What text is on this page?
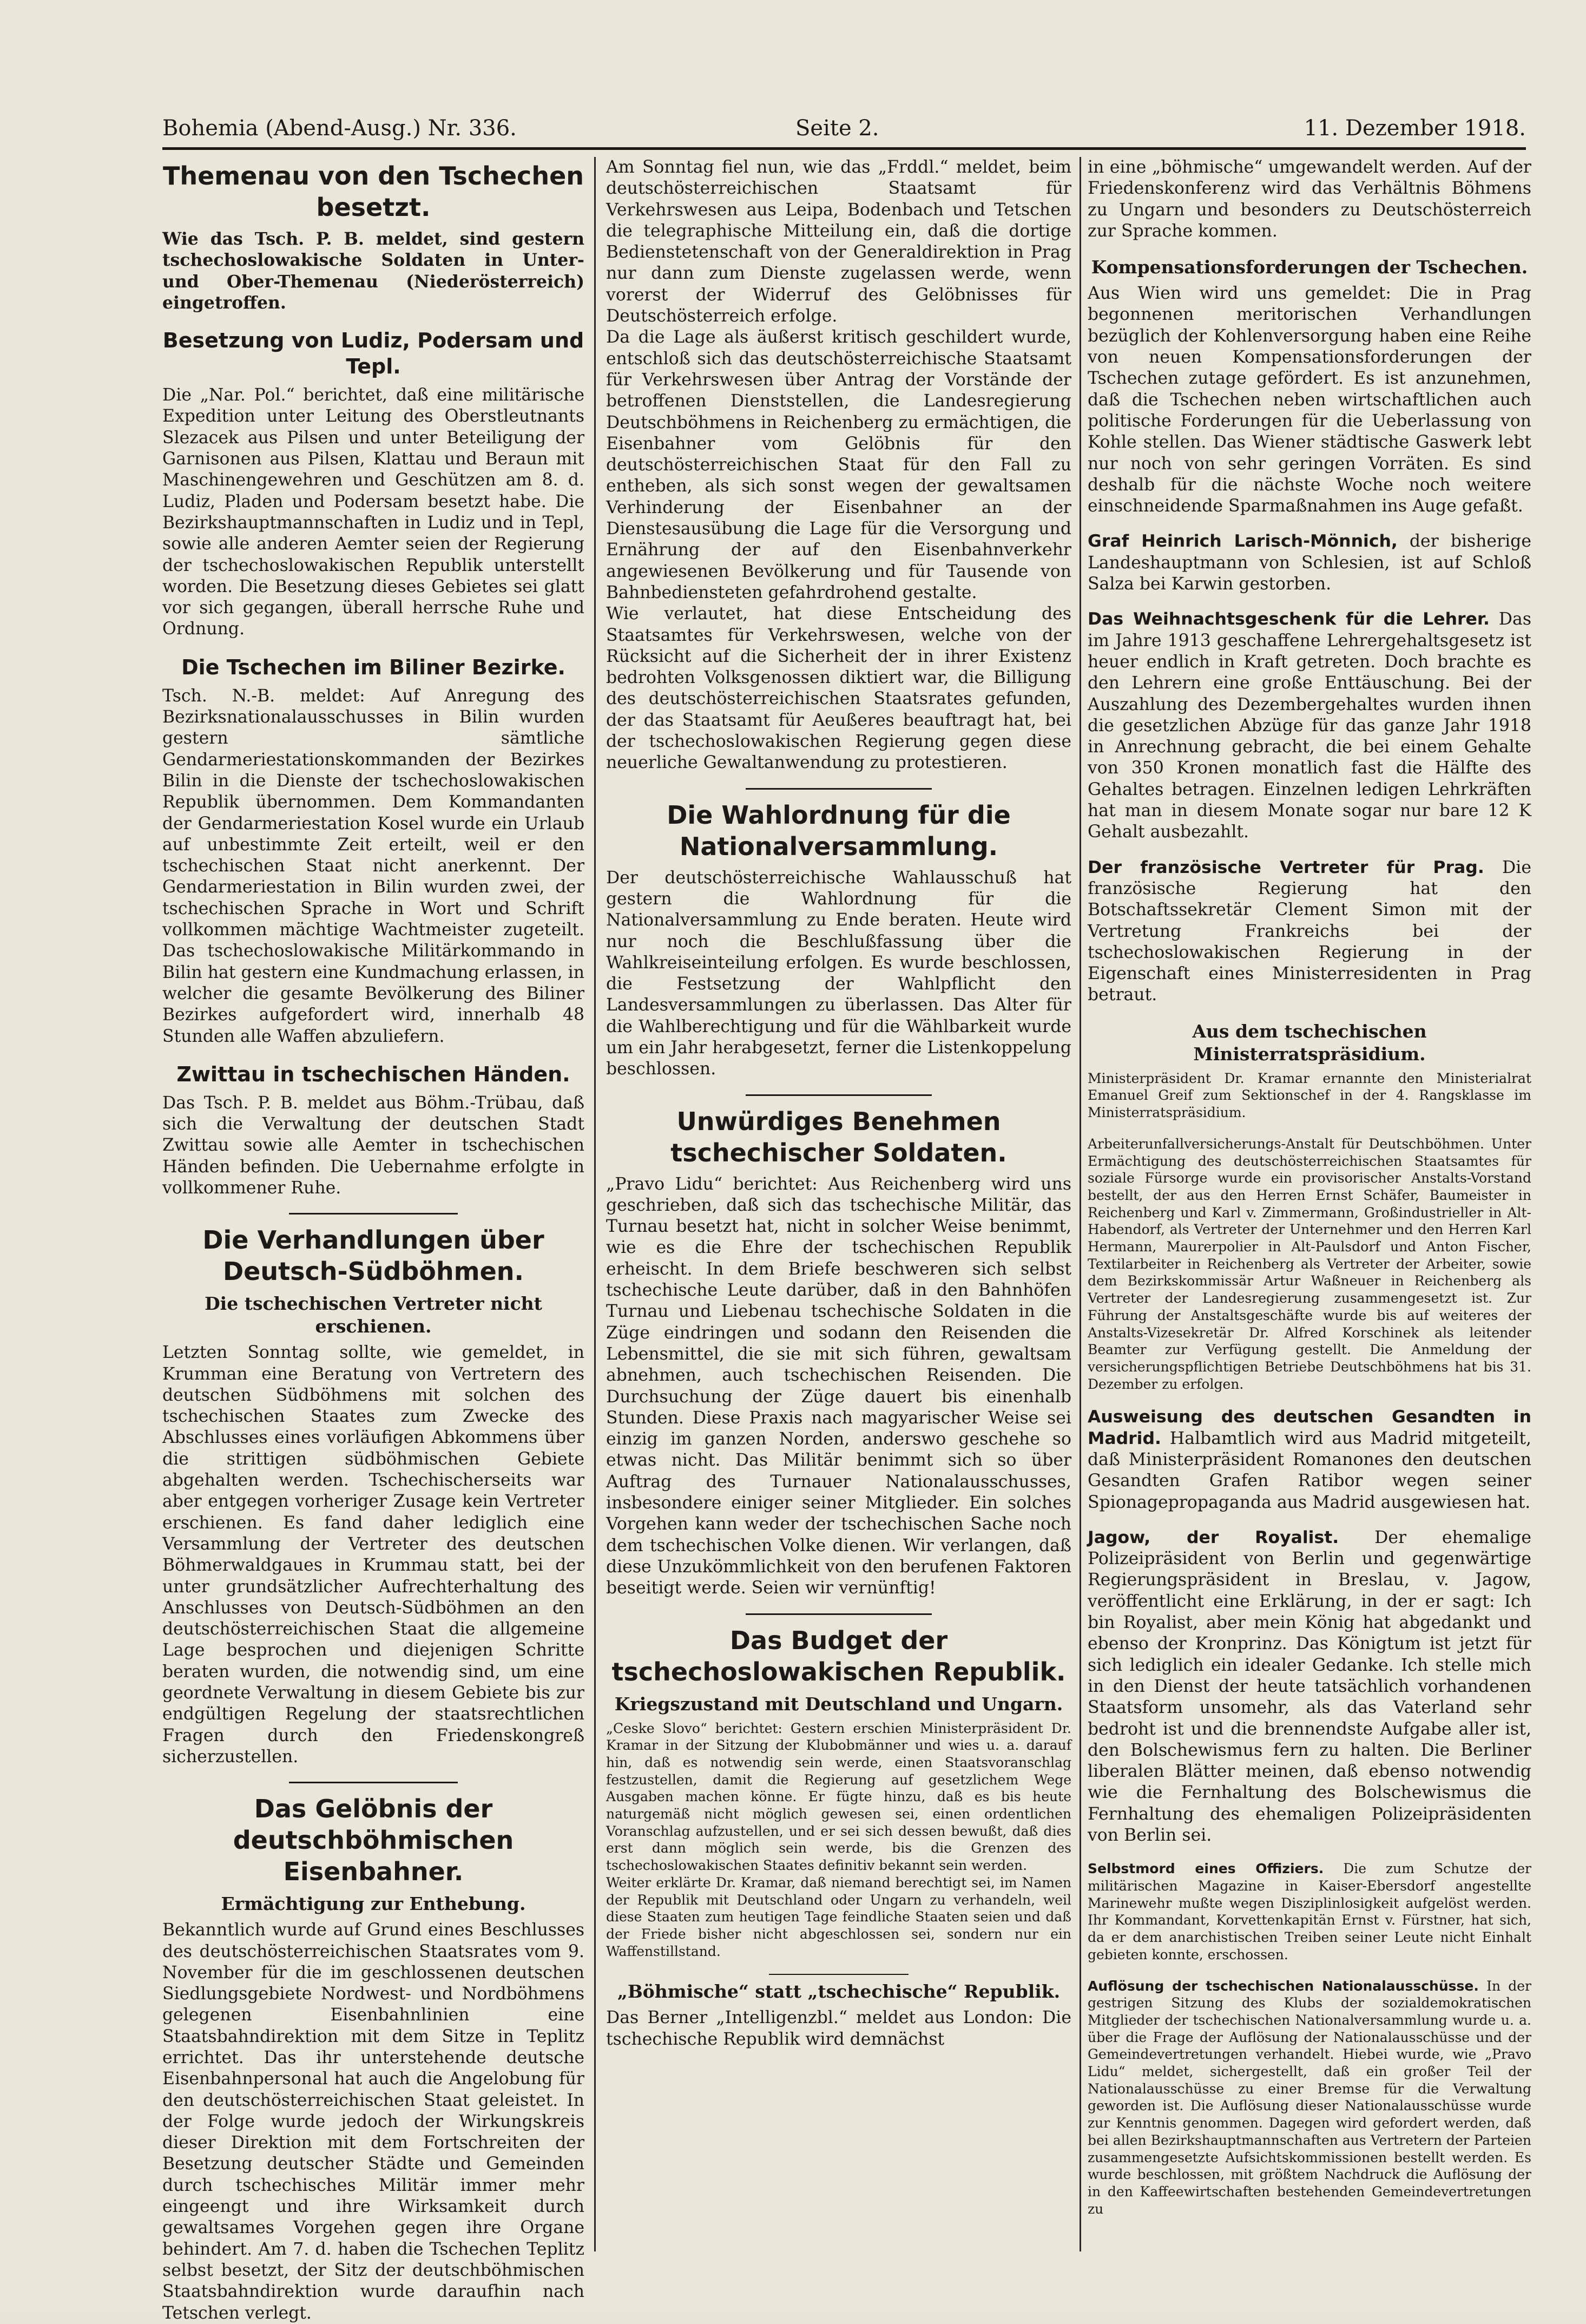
Bohemia (Abend-Ausg.) Nr. 336.	Seite 2.	11. Dezember 1918.
Themenau von den Tschechen besetzt.

Wie das Tsch. P. B. meldet, sind gestern tschechoslowakische Soldaten in Unter- und Ober-Themenau (Niederösterreich) eingetroffen.

Besetzung von Ludiz, Podersam und Tepl.

Die „Nar. Pol.“ berichtet, daß eine militärische Expedition unter Leitung des Oberstleutnants Slezacek aus Pilsen und unter Beteiligung der Garnisonen aus Pilsen, Klattau und Beraun mit Maschinengewehren und Geschützen am 8. d. Ludiz, Pladen und Podersam besetzt habe. Die Bezirkshauptmannschaften in Ludiz und in Tepl, sowie alle anderen Aemter seien der Regierung der tschechoslowakischen Republik unterstellt worden. Die Besetzung dieses Gebietes sei glatt vor sich gegangen, überall herrsche Ruhe und Ordnung.

Die Tschechen im Biliner Bezirke.

Tsch. N.-B. meldet: Auf Anregung des Bezirksnationalausschusses in Bilin wurden gestern sämtliche Gendarmeriestationskommanden der Bezirkes Bilin in die Dienste der tschechoslowakischen Republik übernommen. Dem Kommandanten der Gendarmeriestation Kosel wurde ein Urlaub auf unbestimmte Zeit erteilt, weil er den tschechischen Staat nicht anerkennt. Der Gendarmeriestation in Bilin wurden zwei, der tschechischen Sprache in Wort und Schrift vollkommen mächtige Wachtmeister zugeteilt. Das tschechoslowakische Militärkommando in Bilin hat gestern eine Kundmachung erlassen, in welcher die gesamte Bevölkerung des Biliner Bezirkes aufgefordert wird, innerhalb 48 Stunden alle Waffen abzuliefern.

Zwittau in tschechischen Händen.

Das Tsch. P. B. meldet aus Böhm.-Trübau, daß sich die Verwaltung der deutschen Stadt Zwittau sowie alle Aemter in tschechischen Händen befinden. Die Uebernahme erfolgte in vollkommener Ruhe.

Die Verhandlungen über Deutsch-Südböhmen.
Die tschechischen Vertreter nicht erschienen.

Letzten Sonntag sollte, wie gemeldet, in Krumman eine Beratung von Vertretern des deutschen Südböhmens mit solchen des tschechischen Staates zum Zwecke des Abschlusses eines vorläufigen Abkommens über die strittigen südböhmischen Gebiete abgehalten werden. Tschechischerseits war aber entgegen vorheriger Zusage kein Vertreter erschienen. Es fand daher lediglich eine Versammlung der Vertreter des deutschen Böhmerwaldgaues in Krummau statt, bei der unter grundsätzlicher Aufrechterhaltung des Anschlusses von Deutsch-Südböhmen an den deutschösterreichischen Staat die allgemeine Lage besprochen und diejenigen Schritte beraten wurden, die notwendig sind, um eine geordnete Verwaltung in diesem Gebiete bis zur endgültigen Regelung der staatsrechtlichen Fragen durch den Friedenskongreß sicherzustellen.

Das Gelöbnis der deutschböhmischen Eisenbahner.
Ermächtigung zur Enthebung.

Bekanntlich wurde auf Grund eines Beschlusses des deutschösterreichischen Staatsrates vom 9. November für die im geschlossenen deutschen Siedlungsgebiete Nordwest- und Nordböhmens gelegenen Eisenbahnlinien eine Staatsbahndirektion mit dem Sitze in Teplitz errichtet. Das ihr unterstehende deutsche Eisenbahnpersonal hat auch die Angelobung für den deutschösterreichischen Staat geleistet. In der Folge wurde jedoch der Wirkungskreis dieser Direktion mit dem Fortschreiten der Besetzung deutscher Städte und Gemeinden durch tschechisches Militär immer mehr eingeengt und ihre Wirksamkeit durch gewaltsames Vorgehen gegen ihre Organe behindert. Am 7. d. haben die Tschechen Teplitz selbst besetzt, der Sitz der deutschböhmischen Staatsbahndirektion wurde daraufhin nach Tetschen verlegt.

Am Sonntag fiel nun, wie das „Frddl.“ meldet, beim deutschösterreichischen Staatsamt für Verkehrswesen aus Leipa, Bodenbach und Tetschen die telegraphische Mitteilung ein, daß die dortige Bedienstetenschaft von der Generaldirektion in Prag nur dann zum Dienste zugelassen werde, wenn vorerst der Widerruf des Gelöbnisses für Deutschösterreich erfolge.

Da die Lage als äußerst kritisch geschildert wurde, entschloß sich das deutschösterreichische Staatsamt für Verkehrswesen über Antrag der Vorstände der betroffenen Dienststellen, die Landesregierung Deutschböhmens in Reichenberg zu ermächtigen, die Eisenbahner vom Gelöbnis für den deutschösterreichischen Staat für den Fall zu entheben, als sich sonst wegen der gewaltsamen Verhinderung der Eisenbahner an der Dienstesausübung die Lage für die Versorgung und Ernährung der auf den Eisenbahnverkehr angewiesenen Bevölkerung und für Tausende von Bahnbediensteten gefahrdrohend gestalte.

Wie verlautet, hat diese Entscheidung des Staatsamtes für Verkehrswesen, welche von der Rücksicht auf die Sicherheit der in ihrer Existenz bedrohten Volksgenossen diktiert war, die Billigung des deutschösterreichischen Staatsrates gefunden, der das Staatsamt für Aeußeres beauftragt hat, bei der tschechoslowakischen Regierung gegen diese neuerliche Gewaltanwendung zu protestieren.

Die Wahlordnung für die Nationalversammlung.

Der deutschösterreichische Wahlausschuß hat gestern die Wahlordnung für die Nationalversammlung zu Ende beraten. Heute wird nur noch die Beschlußfassung über die Wahlkreiseinteilung erfolgen. Es wurde beschlossen, die Festsetzung der Wahlpflicht den Landesversammlungen zu überlassen. Das Alter für die Wahlberechtigung und für die Wählbarkeit wurde um ein Jahr herabgesetzt, ferner die Listenkoppelung beschlossen.

Unwürdiges Benehmen tschechischer Soldaten.

„Pravo Lidu“ berichtet: Aus Reichenberg wird uns geschrieben, daß sich das tschechische Militär, das Turnau besetzt hat, nicht in solcher Weise benimmt, wie es die Ehre der tschechischen Republik erheischt. In dem Briefe beschweren sich selbst tschechische Leute darüber, daß in den Bahnhöfen Turnau und Liebenau tschechische Soldaten in die Züge eindringen und sodann den Reisenden die Lebensmittel, die sie mit sich führen, gewaltsam abnehmen, auch tschechischen Reisenden. Die Durchsuchung der Züge dauert bis einenhalb Stunden. Diese Praxis nach magyarischer Weise sei einzig im ganzen Norden, anderswo geschehe so etwas nicht. Das Militär benimmt sich so über Auftrag des Turnauer Nationalausschusses, insbesondere einiger seiner Mitglieder. Ein solches Vorgehen kann weder der tschechischen Sache noch dem tschechischen Volke dienen. Wir verlangen, daß diese Unzukömmlichkeit von den berufenen Faktoren beseitigt werde. Seien wir vernünftig!

Das Budget der tschechoslowakischen Republik.
Kriegszustand mit Deutschland und Ungarn.

„Ceske Slovo“ berichtet: Gestern erschien Ministerpräsident Dr. Kramar in der Sitzung der Klubobmänner und wies u. a. darauf hin, daß es notwendig sein werde, einen Staatsvoranschlag festzustellen, damit die Regierung auf gesetzlichem Wege Ausgaben machen könne. Er fügte hinzu, daß es bis heute naturgemäß nicht möglich gewesen sei, einen ordentlichen Voranschlag aufzustellen, und er sei sich dessen bewußt, daß dies erst dann möglich sein werde, bis die Grenzen des tschechoslowakischen Staates definitiv bekannt sein werden.

Weiter erklärte Dr. Kramar, daß niemand berechtigt sei, im Namen der Republik mit Deutschland oder Ungarn zu verhandeln, weil diese Staaten zum heutigen Tage feindliche Staaten seien und daß der Friede bisher nicht abgeschlossen sei, sondern nur ein Waffenstillstand.

„Böhmische“ statt „tschechische“ Republik.

Das Berner „Intelligenzbl.“ meldet aus London: Die tschechische Republik wird demnächst

in eine „böhmische“ umgewandelt werden. Auf der Friedenskonferenz wird das Verhältnis Böhmens zu Ungarn und besonders zu Deutschösterreich zur Sprache kommen.

Kompensationsforderungen der Tschechen.

Aus Wien wird uns gemeldet: Die in Prag begonnenen meritorischen Verhandlungen bezüglich der Kohlenversorgung haben eine Reihe von neuen Kompensationsforderungen der Tschechen zutage gefördert. Es ist anzunehmen, daß die Tschechen neben wirtschaftlichen auch politische Forderungen für die Ueberlassung von Kohle stellen. Das Wiener städtische Gaswerk lebt nur noch von sehr geringen Vorräten. Es sind deshalb für die nächste Woche noch weitere einschneidende Sparmaßnahmen ins Auge gefaßt.

Graf Heinrich Larisch-Mönnich, der bisherige Landeshauptmann von Schlesien, ist auf Schloß Salza bei Karwin gestorben.

Das Weihnachtsgeschenk für die Lehrer. Das im Jahre 1913 geschaffene Lehrergehaltsgesetz ist heuer endlich in Kraft getreten. Doch brachte es den Lehrern eine große Enttäuschung. Bei der Auszahlung des Dezembergehaltes wurden ihnen die gesetzlichen Abzüge für das ganze Jahr 1918 in Anrechnung gebracht, die bei einem Gehalte von 350 Kronen monatlich fast die Hälfte des Gehaltes betragen. Einzelnen ledigen Lehrkräften hat man in diesem Monate sogar nur bare 12 K Gehalt ausbezahlt.

Der französische Vertreter für Prag. Die französische Regierung hat den Botschaftssekretär Clement Simon mit der Vertretung Frankreichs bei der tschechoslowakischen Regierung in der Eigenschaft eines Ministerresidenten in Prag betraut.

Aus dem tschechischen Ministerratspräsidium.

Ministerpräsident Dr. Kramar ernannte den Ministerialrat Emanuel Greif zum Sektionschef in der 4. Rangsklasse im Ministerratspräsidium.

Arbeiterunfallversicherungs-Anstalt für Deutschböhmen. Unter Ermächtigung des deutschösterreichischen Staatsamtes für soziale Fürsorge wurde ein provisorischer Anstalts-Vorstand bestellt, der aus den Herren Ernst Schäfer, Baumeister in Reichenberg und Karl v. Zimmermann, Großindustrieller in Alt-Habendorf, als Vertreter der Unternehmer und den Herren Karl Hermann, Maurerpolier in Alt-Paulsdorf und Anton Fischer, Textilarbeiter in Reichenberg als Vertreter der Arbeiter, sowie dem Bezirkskommissär Artur Waßneuer in Reichenberg als Vertreter der Landesregierung zusammengesetzt ist. Zur Führung der Anstaltsgeschäfte wurde bis auf weiteres der Anstalts-Vizesekretär Dr. Alfred Korschinek als leitender Beamter zur Verfügung gestellt. Die Anmeldung der versicherungspflichtigen Betriebe Deutschböhmens hat bis 31. Dezember zu erfolgen.

Ausweisung des deutschen Gesandten in Madrid. Halbamtlich wird aus Madrid mitgeteilt, daß Ministerpräsident Romanones den deutschen Gesandten Grafen Ratibor wegen seiner Spionagepropaganda aus Madrid ausgewiesen hat.

Jagow, der Royalist. Der ehemalige Polizeipräsident von Berlin und gegenwärtige Regierungspräsident in Breslau, v. Jagow, veröffentlicht eine Erklärung, in der er sagt: Ich bin Royalist, aber mein König hat abgedankt und ebenso der Kronprinz. Das Königtum ist jetzt für sich lediglich ein idealer Gedanke. Ich stelle mich in den Dienst der heute tatsächlich vorhandenen Staatsform unsomehr, als das Vaterland sehr bedroht ist und die brennendste Aufgabe aller ist, den Bolschewismus fern zu halten. Die Berliner liberalen Blätter meinen, daß ebenso notwendig wie die Fernhaltung des Bolschewismus die Fernhaltung des ehemaligen Polizeipräsidenten von Berlin sei.

Selbstmord eines Offiziers. Die zum Schutze der militärischen Magazine in Kaiser-Ebersdorf angestellte Marinewehr mußte wegen Disziplinlosigkeit aufgelöst werden. Ihr Kommandant, Korvettenkapitän Ernst v. Fürstner, hat sich, da er dem anarchistischen Treiben seiner Leute nicht Einhalt gebieten konnte, erschossen.

Auflösung der tschechischen Nationalausschüsse. In der gestrigen Sitzung des Klubs der sozialdemokratischen Mitglieder der tschechischen Nationalversammlung wurde u. a. über die Frage der Auflösung der Nationalausschüsse und der Gemeindevertretungen verhandelt. Hiebei wurde, wie „Pravo Lidu“ meldet, sichergestellt, daß ein großer Teil der Nationalausschüsse zu einer Bremse für die Verwaltung geworden ist. Die Auflösung dieser Nationalausschüsse wurde zur Kenntnis genommen. Dagegen wird gefordert werden, daß bei allen Bezirkshauptmannschaften aus Vertretern der Parteien zusammengesetzte Aufsichtskommissionen bestellt werden. Es wurde beschlossen, mit größtem Nachdruck die Auflösung der in den Kaffeewirtschaften bestehenden Gemeindevertretungen zu
